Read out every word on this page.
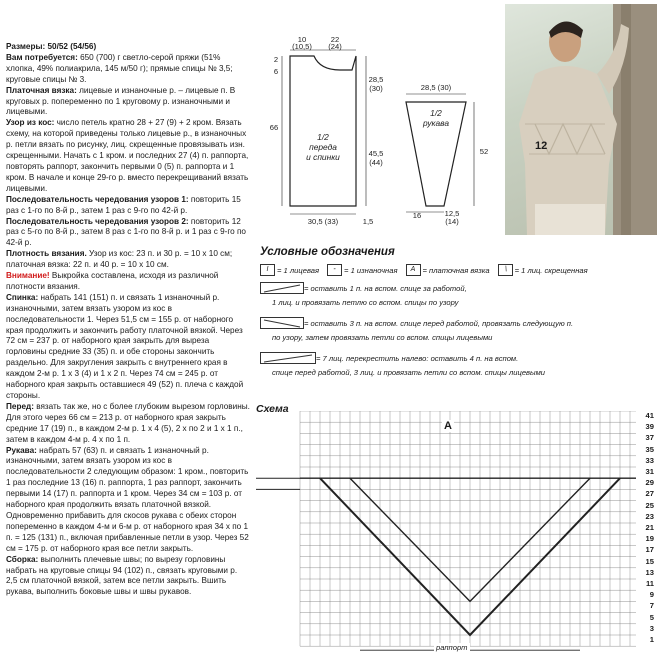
Размеры: 50/52 (54/56)

Вам потребуется: 650 (700) г светло-серой пряжи (51% хлопка, 49% полиакрила, 145 м/50 г); прямые спицы № 3,5; круговые спицы № 3.

Платочная вязка: лицевые и изнаночные р. – лицевые п. В круговых р. попеременно по 1 круговому р. изнаночными и лицевыми.

Узор из кос: число петель кратно 28 + 27 (9) + 2 кром. Вязать схему, на которой приведены только лицевые р., в изнаночных р. петли вязать по рисунку, лиц. скрещенные провязывать изн. скрещенными. Начать с 1 кром. и последних 27 (4) п. раппорта, повторять раппорт, закончить первыми 0 (5) п. раппорта и 1 кром. В начале и конце 29-го р. вместо перекрещиваний вязать лицевыми.

Последовательность чередования узоров 1: повторить 15 раз с 1-го по 8-й р., затем 1 раз с 9-го по 42-й р.

Последовательность чередования узоров 2: повторить 12 раз с 5-го по 8-й р., затем 8 раз с 1-го по 8-й р. и 1 раз с 9-го по 42-й р.

Плотность вязания. Узор из кос: 23 п. и 30 р. = 10 x 10 см; платочная вязка: 22 п. и 40 р. = 10 x 10 см.

Внимание! Выкройка составлена, исходя из различной плотности вязания.

Спинка: набрать 141 (151) п. и связать 1 изнаночный р. изнаночными, затем вязать узором из кос в последовательности 1. Через 51,5 см = 155 р. от наборного края продолжить и закончить работу платочной вязкой. Через 72 см = 237 р. от наборного края закрыть для выреза горловины средние 33 (35) п. и обе стороны закончить раздельно. Для закругления закрыть с внутреннего края в каждом 2-м р. 1 x 3 (4) и 1 x 2 п. Через 74 см = 245 р. от наборного края закрыть оставшиеся 49 (52) п. плечa с каждой стороны.

Перед: вязать так же, но с более глубоким вырезом горловины. Для этого через 66 см = 213 р. от наборного края закрыть средние 17 (19) п., в каждом 2-м р. 1 x 4 (5), 2 x по 2 и 1 x 1 п., затем в каждом 4-м р. 4 x по 1 п.

Рукава: набрать 57 (63) п. и связать 1 изнаночный р. изнаночными, затем вязать узором из кос в последовательности 2 следующим образом: 1 кром., повторить 1 раз последние 13 (16) п. раппорта, 1 раз раппорт, закончить первыми 14 (17) п. раппорта и 1 кром. Через 34 см = 103 р. от наборного края продолжить вязать платочной вязкой. Одновременно прибавить для скосов рукава с обеих сторон попеременно в каждом 4-м и 6-м р. от наборного края 34 x по 1 п. = 125 (131) п., включая прибавленные петли в узор. Через 52 см = 175 р. от наборного края все петли закрыть.

Сборка: выполнить плечевые швы; по вырезу горловины набрать на круговые спицы 94 (102) п., связать круговыми р. 2,5 см платочной вязкой, затем все петли закрыть. Вшить рукава, выполнить боковые швы и швы рукавов.

10
(10,5)
22
(24)
2
6
28,5
(30)
66
45,5
(44)
30,5 (33)	1,5
1/2
переда
и спинки
28,5 (30)
1/2
рукава
52
16	12,5
(14)
12
Условные обозначения
I	= 1 лицевая	-	= 1 изнаночная	A = платочная вязка	∖ = 1 лиц. скрещенная
= оставить 1 п. на вспом. спице за работой,
1 лиц. и провязать петлю со вспом. спицы по узору
= оставить 3 п. на вспом. спице перед работой, провязать следующую п.
по узору, затем провязать петли со вспом. спицы лицевыми
= 7 лиц. перекрестить налево: оставить 4 п. на вспом.
спице перед работой, 3 лиц. и провязать петли со вспом. спицы лицевыми
Схема
41
39
37
35
33
31
29
27
25
23
21
19
17
15
13
11
9
7
5
3
1
A
раппорт
